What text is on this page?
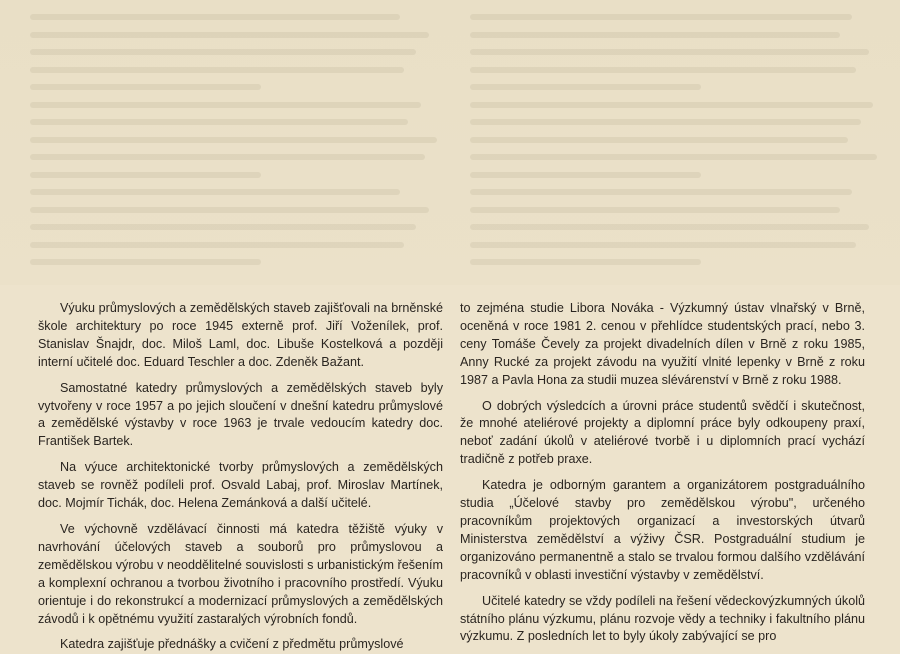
Výuku průmyslových a zemědělských staveb zajišťovali na brněnské škole architektury po roce 1945 externě prof. Jiří Voženílek, prof. Stanislav Šnajdr, doc. Miloš Laml, doc. Libuše Kostelková a později interní učitelé doc. Eduard Teschler a doc. Zdeněk Bažant.

Samostatné katedry průmyslových a zemědělských staveb byly vytvořeny v roce 1957 a po jejich sloučení v dnešní katedru průmyslové a zemědělské výstavby v roce 1963 je trvale vedoucím katedry doc. František Bartek.

Na výuce architektonické tvorby průmyslových a zemědělských staveb se rovněž podíleli prof. Osvald Labaj, prof. Miroslav Martínek, doc. Mojmír Tichák, doc. Helena Zemánková a další učitelé.

Ve výchovně vzdělávací činnosti má katedra těžiště výuky v navrhování účelových staveb a souborů pro průmyslovou a zemědělskou výrobu v neoddělitelné souvislosti s urbanistickým řešením a komplexní ochranou a tvorbou životního i pracovního prostředí. Výuku orientuje i do rekonstrukcí a modernizací průmyslových a zemědělských závodů i k opětnému využití zastaralých výrobních fondů.

Katedra zajišťuje přednášky a cvičení z předmětu průmyslové

to zejména studie Libora Nováka - Výzkumný ústav vlnařský v Brně, oceněná v roce 1981 2. cenou v přehlídce studentských prací, nebo 3. ceny Tomáše Čevely za projekt divadelních dílen v Brně z roku 1985, Anny Rucké za projekt závodu na využití vlnité lepenky v Brně z roku 1987 a Pavla Hona za studii muzea slévárenství v Brně z roku 1988.

O dobrých výsledcích a úrovni práce studentů svědčí i skutečnost, že mnohé ateliérové projekty a diplomní práce byly odkoupeny praxí, neboť zadání úkolů v ateliérové tvorbě i u diplomních prací vychází tradičně z potřeb praxe.

Katedra je odborným garantem a organizátorem postgraduálního studia „Účelové stavby pro zemědělskou výrobu", určeného pracovníkům projektových organizací a investorských útvarů Ministerstva zemědělství a výživy ČSR. Postgraduální studium je organizováno permanentně a stalo se trvalou formou dalšího vzdělávání pracovníků v oblasti investiční výstavby v zemědělství.

Učitelé katedry se vždy podíleli na řešení vědeckovýzkumných úkolů státního plánu výzkumu, plánu rozvoje vědy a techniky i fakultního plánu výzkumu. Z posledních let to byly úkoly zabývající se pro
